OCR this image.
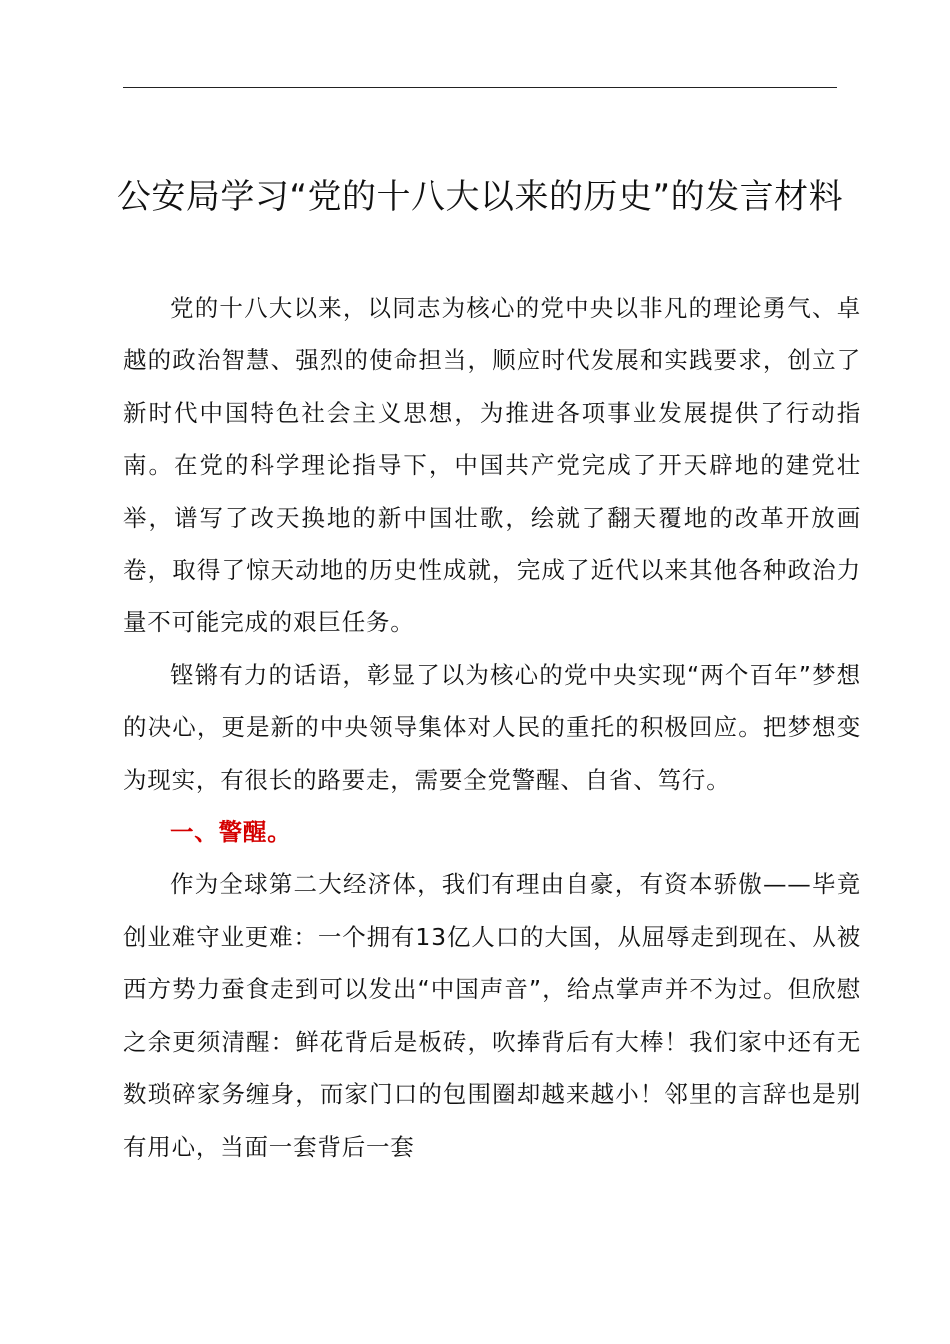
公安局学习“党的十八大以来的历史”的发言材料

党的十八大以来，以同志为核心的党中央以非凡的理论勇气、卓越的政治智慧、强烈的使命担当，顺应时代发展和实践要求，创立了新时代中国特色社会主义思想，为推进各项事业发展提供了行动指南。在党的科学理论指导下，中国共产党完成了开天辟地的建党壮举，谱写了改天换地的新中国壮歌，绘就了翻天覆地的改革开放画卷，取得了惊天动地的历史性成就，完成了近代以来其他各种政治力量不可能完成的艰巨任务。

铿锵有力的话语，彰显了以为核心的党中央实现“两个百年”梦想的决心，更是新的中央领导集体对人民的重托的积极回应。把梦想变为现实，有很长的路要走，需要全党警醒、自省、笃行。

一、警醒。

作为全球第二大经济体，我们有理由自豪，有资本骄傲——毕竟创业难守业更难：一个拥有13亿人口的大国，从屈辱走到现在、从被西方势力蚕食走到可以发出“中国声音”，给点掌声并不为过。但欣慰之余更须清醒：鲜花背后是板砖，吹捧背后有大棒！我们家中还有无数琐碎家务缠身，而家门口的包围圈却越来越小！邻里的言辞也是别有用心，当面一套背后一套
